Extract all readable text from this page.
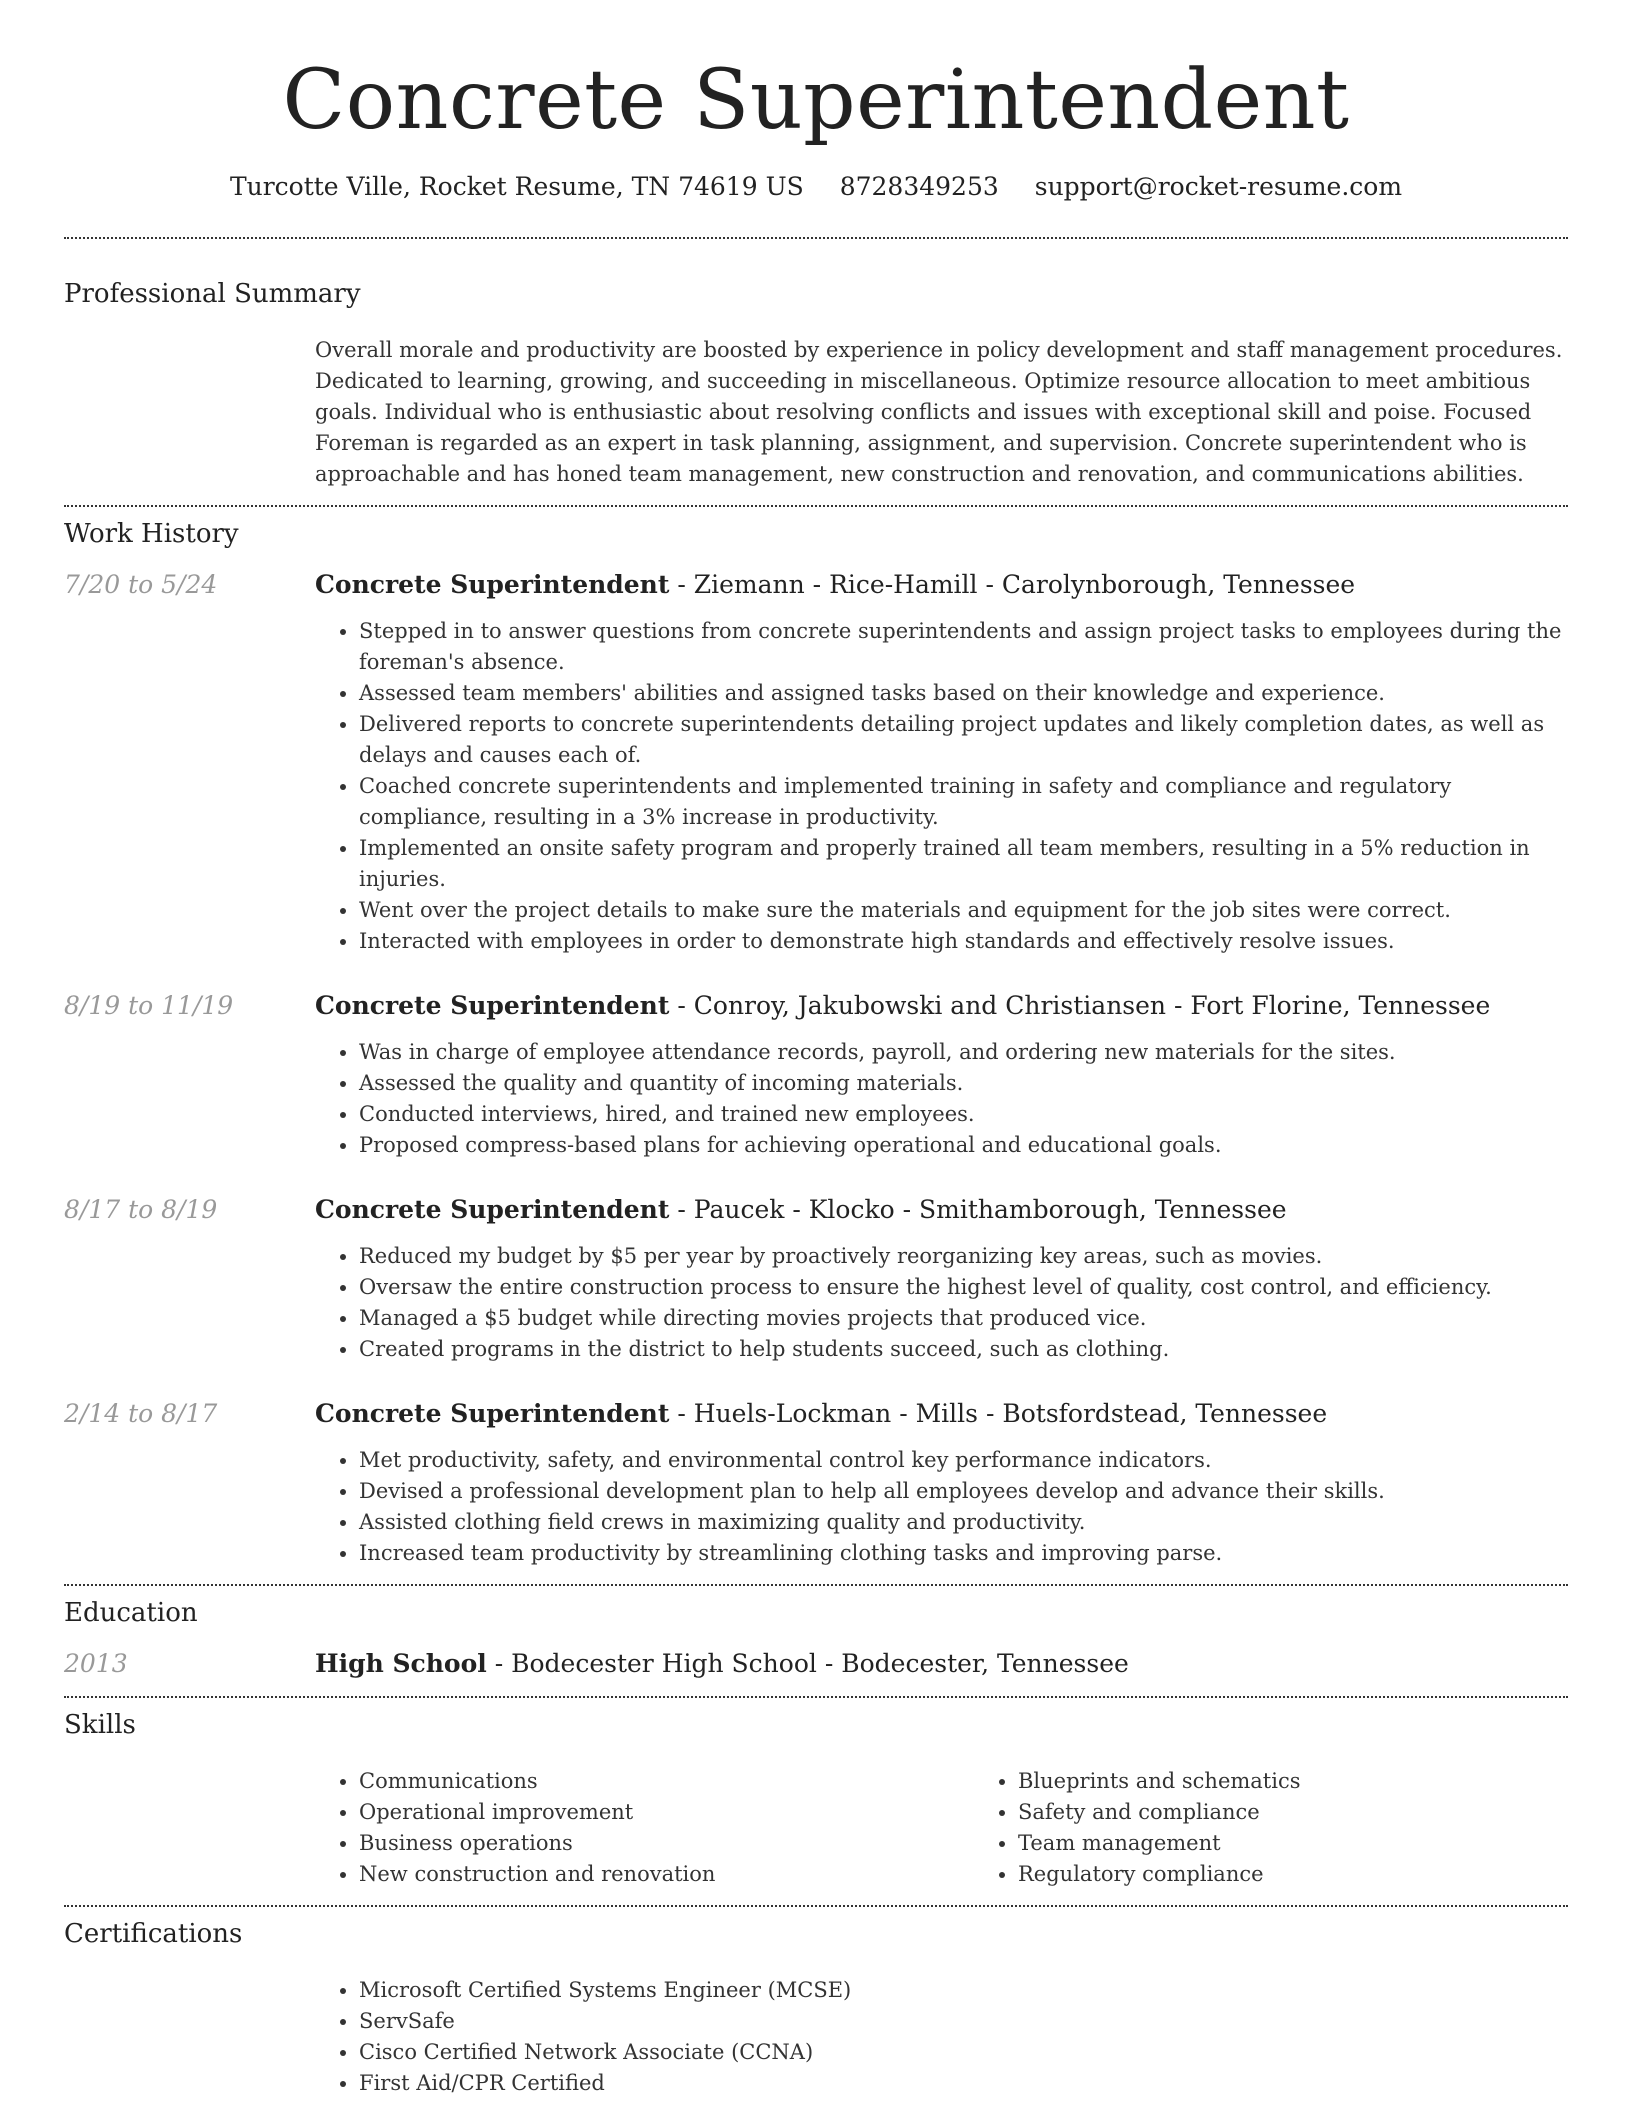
Concrete Superintendent
Turcotte Ville, Rocket Resume, TN 74619 US 8728349253 support@rocket-resume.com
Professional Summary

Overall morale and productivity are boosted by experience in policy development and staff management procedures. Dedicated to learning, growing, and succeeding in miscellaneous. Optimize resource allocation to meet ambitious goals. Individual who is enthusiastic about resolving conflicts and issues with exceptional skill and poise. Focused Foreman is regarded as an expert in task planning, assignment, and supervision. Concrete superintendent who is approachable and has honed team management, new construction and renovation, and communications abilities.

Work History
7/20 to 5/24	Concrete Superintendent - Ziemann - Rice-Hamill - Carolynborough, Tennessee
• Stepped in to answer questions from concrete superintendents and assign project tasks to employees during the foreman's absence.
• Assessed team members' abilities and assigned tasks based on their knowledge and experience.
• Delivered reports to concrete superintendents detailing project updates and likely completion dates, as well as delays and causes each of.
• Coached concrete superintendents and implemented training in safety and compliance and regulatory compliance, resulting in a 3% increase in productivity.
• Implemented an onsite safety program and properly trained all team members, resulting in a 5% reduction in injuries.
• Went over the project details to make sure the materials and equipment for the job sites were correct.
• Interacted with employees in order to demonstrate high standards and effectively resolve issues.
8/19 to 11/19	Concrete Superintendent - Conroy, Jakubowski and Christiansen - Fort Florine, Tennessee
• Was in charge of employee attendance records, payroll, and ordering new materials for the sites.
• Assessed the quality and quantity of incoming materials.
• Conducted interviews, hired, and trained new employees.
• Proposed compress-based plans for achieving operational and educational goals.
8/17 to 8/19	Concrete Superintendent - Paucek - Klocko - Smithamborough, Tennessee
• Reduced my budget by $5 per year by proactively reorganizing key areas, such as movies.
• Oversaw the entire construction process to ensure the highest level of quality, cost control, and efficiency.
• Managed a $5 budget while directing movies projects that produced vice.
• Created programs in the district to help students succeed, such as clothing.
2/14 to 8/17	Concrete Superintendent - Huels-Lockman - Mills - Botsfordstead, Tennessee
• Met productivity, safety, and environmental control key performance indicators.
• Devised a professional development plan to help all employees develop and advance their skills.
• Assisted clothing field crews in maximizing quality and productivity.
• Increased team productivity by streamlining clothing tasks and improving parse.
Education
2013	High School - Bodecester High School - Bodecester, Tennessee
Skills
• Communications
• Operational improvement
• Business operations
• New construction and renovation
• Blueprints and schematics
• Safety and compliance
• Team management
• Regulatory compliance
Certifications
• Microsoft Certified Systems Engineer (MCSE)
• ServSafe
• Cisco Certified Network Associate (CCNA)
• First Aid/CPR Certified
